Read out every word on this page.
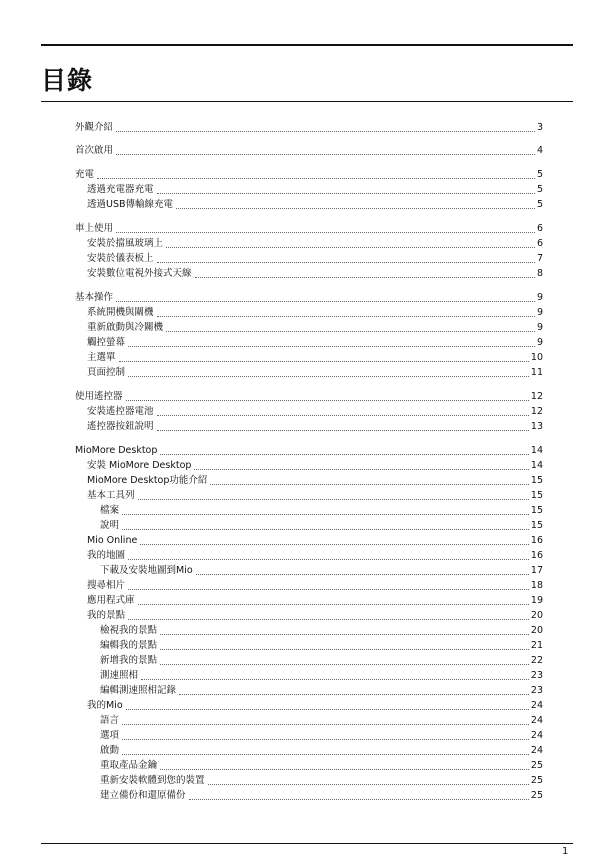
目錄
外觀介紹	3
首次啟用	4
充電	5
透過充電器充電	5
透過USB傳輸線充電	5
車上使用	6
安裝於擋風玻璃上	6
安裝於儀表板上	7
安裝數位電視外接式天線	8
基本操作	9
系統開機與關機	9
重新啟動與冷關機	9
觸控螢幕	9
主選單	10
頁面控制	11
使用遙控器	12
安裝遙控器電池	12
遙控器按鈕說明	13
MioMore Desktop	14
安裝 MioMore Desktop	14
MioMore Desktop功能介紹	15
基本工具列	15
檔案	15
說明	15
Mio Online	16
我的地圖	16
下載及安裝地圖到Mio	17
搜尋相片	18
應用程式庫	19
我的景點	20
檢視我的景點	20
編輯我的景點	21
新增我的景點	22
測速照相	23
編輯測速照相記錄	23
我的Mio	24
語言	24
選項	24
啟動	24
重取產品金鑰	25
重新安裝軟體到您的裝置	25
建立備份和還原備份	25
1
